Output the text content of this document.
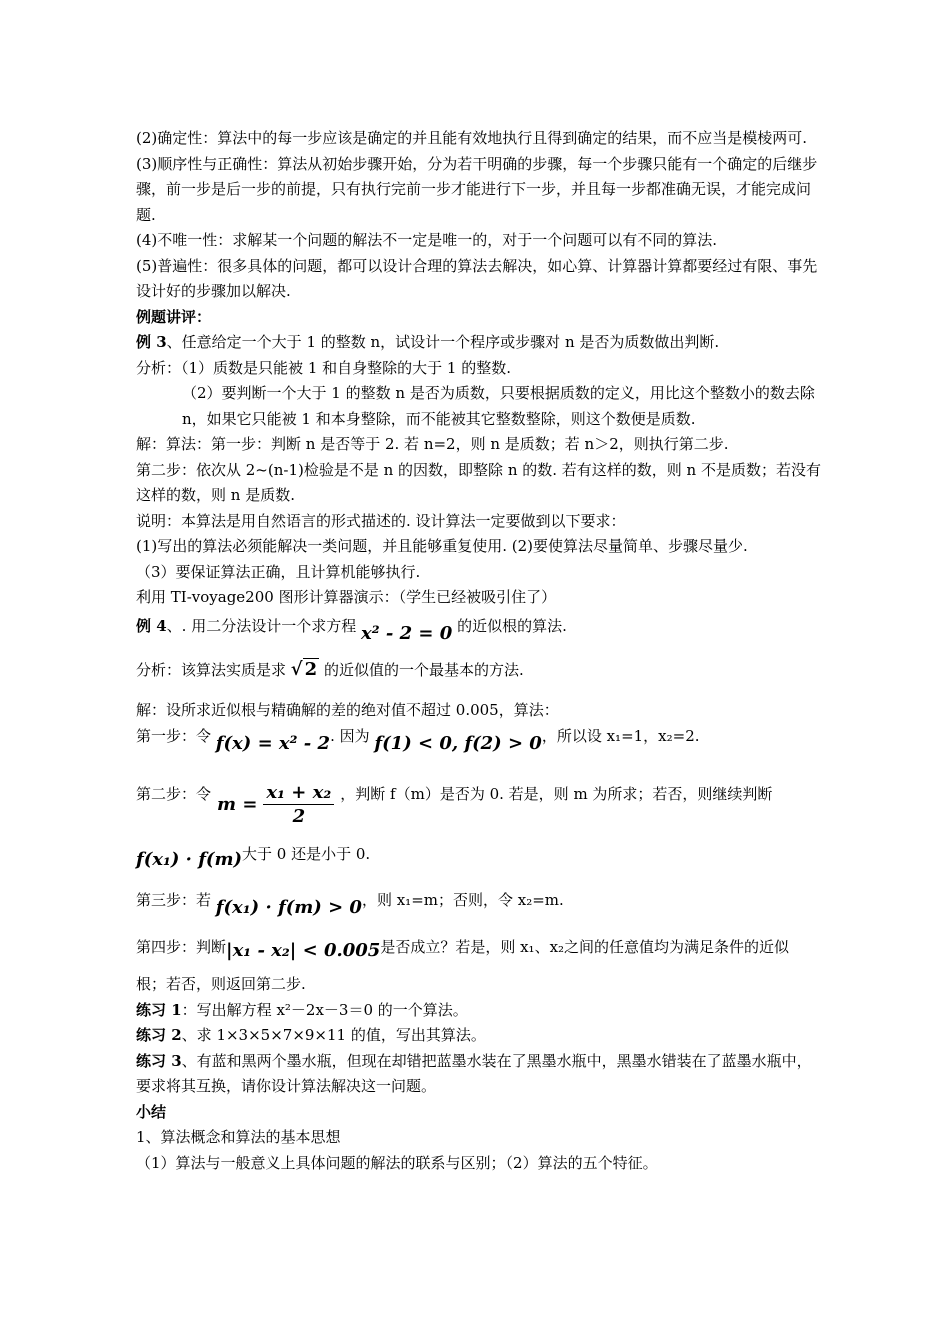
(2)确定性：算法中的每一步应该是确定的并且能有效地执行且得到确定的结果，而不应当是模棱两可.

(3)顺序性与正确性：算法从初始步骤开始，分为若干明确的步骤，每一个步骤只能有一个确定的后继步骤，前一步是后一步的前提，只有执行完前一步才能进行下一步，并且每一步都准确无误，才能完成问题.

(4)不唯一性：求解某一个问题的解法不一定是唯一的，对于一个问题可以有不同的算法.

(5)普遍性：很多具体的问题，都可以设计合理的算法去解决，如心算、计算器计算都要经过有限、事先设计好的步骤加以解决.

例题讲评：

例 3、任意给定一个大于 1 的整数 n，试设计一个程序或步骤对 n 是否为质数做出判断.

分析：（1）质数是只能被 1 和自身整除的大于 1 的整数.

（2）要判断一个大于 1 的整数 n 是否为质数，只要根据质数的定义，用比这个整数小的数去除 n，如果它只能被 1 和本身整除，而不能被其它整数整除，则这个数便是质数.

解：算法：第一步：判断 n 是否等于 2. 若 n=2，则 n 是质数；若 n＞2，则执行第二步.

第二步：依次从 2~(n-1)检验是不是 n 的因数，即整除 n 的数. 若有这样的数，则 n 不是质数；若没有这样的数，则 n 是质数.

说明：本算法是用自然语言的形式描述的. 设计算法一定要做到以下要求：

(1)写出的算法必须能解决一类问题，并且能够重复使用. (2)要使算法尽量简单、步骤尽量少.

（3）要保证算法正确，且计算机能够执行.

利用 TI-voyage200 图形计算器演示：（学生已经被吸引住了）

例 4、. 用二分法设计一个求方程 x² - 2 = 0 的近似根的算法.

分析：该算法实质是求 √ 2 的近似值的一个最基本的方法.

解：设所求近似根与精确解的差的绝对值不超过 0.005，算法：

第一步：令 f(x) = x² - 2. 因为 f(1) < 0, f(2) > 0，所以设 x₁=1，x₂=2.

第二步：令 $m = \frac{\text{x₁ + x₂}}{2}$ ，判断 f（m）是否为 0. 若是，则 m 为所求；若否，则继续判断

f(x₁) · f(m)大于 0 还是小于 0.

第三步：若 f(x₁) · f(m) > 0，则 x₁=m；否则，令 x₂=m.

第四步：判断|x₁ - x₂| < 0.005是否成立？若是，则 x₁、x₂之间的任意值均为满足条件的近似

根；若否，则返回第二步.

练习 1：写出解方程 x²－2x－3＝0 的一个算法。

练习 2、求 1×3×5×7×9×11 的值，写出其算法。

练习 3、有蓝和黑两个墨水瓶，但现在却错把蓝墨水装在了黑墨水瓶中，黑墨水错装在了蓝墨水瓶中，要求将其互换，请你设计算法解决这一问题。

小结

1、算法概念和算法的基本思想

（1）算法与一般意义上具体问题的解法的联系与区别；（2）算法的五个特征。
